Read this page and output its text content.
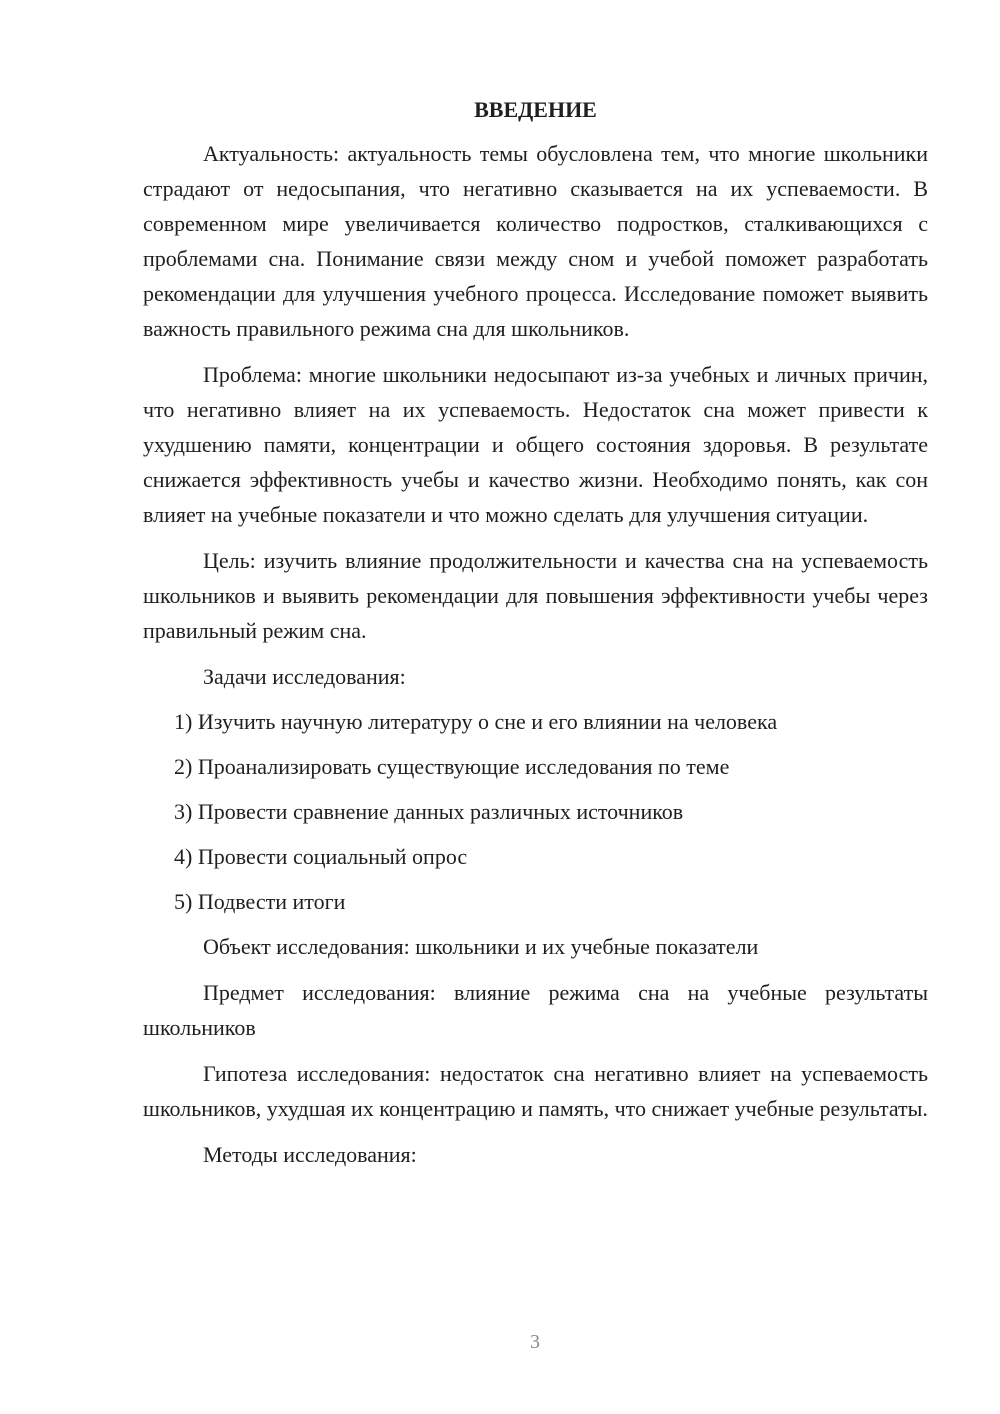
ВВЕДЕНИЕ

Актуальность: актуальность темы обусловлена тем, что многие школьники страдают от недосыпания, что негативно сказывается на их успеваемости. В современном мире увеличивается количество подростков, сталкивающихся с проблемами сна. Понимание связи между сном и учебой поможет разработать рекомендации для улучшения учебного процесса. Исследование поможет выявить важность правильного режима сна для школьников.

Проблема: многие школьники недосыпают из-за учебных и личных причин, что негативно влияет на их успеваемость. Недостаток сна может привести к ухудшению памяти, концентрации и общего состояния здоровья. В результате снижается эффективность учебы и качество жизни. Необходимо понять, как сон влияет на учебные показатели и что можно сделать для улучшения ситуации.

Цель: изучить влияние продолжительности и качества сна на успеваемость школьников и выявить рекомендации для повышения эффективности учебы через правильный режим сна.

Задачи исследования:
1) Изучить научную литературу о сне и его влиянии на человека
2) Проанализировать существующие исследования по теме
3) Провести сравнение данных различных источников
4) Провести социальный опрос
5) Подвести итоги

Объект исследования: школьники и их учебные показатели

Предмет исследования: влияние режима сна на учебные результаты школьников

Гипотеза исследования: недостаток сна негативно влияет на успеваемость школьников, ухудшая их концентрацию и память, что снижает учебные результаты.

Методы исследования:
3
